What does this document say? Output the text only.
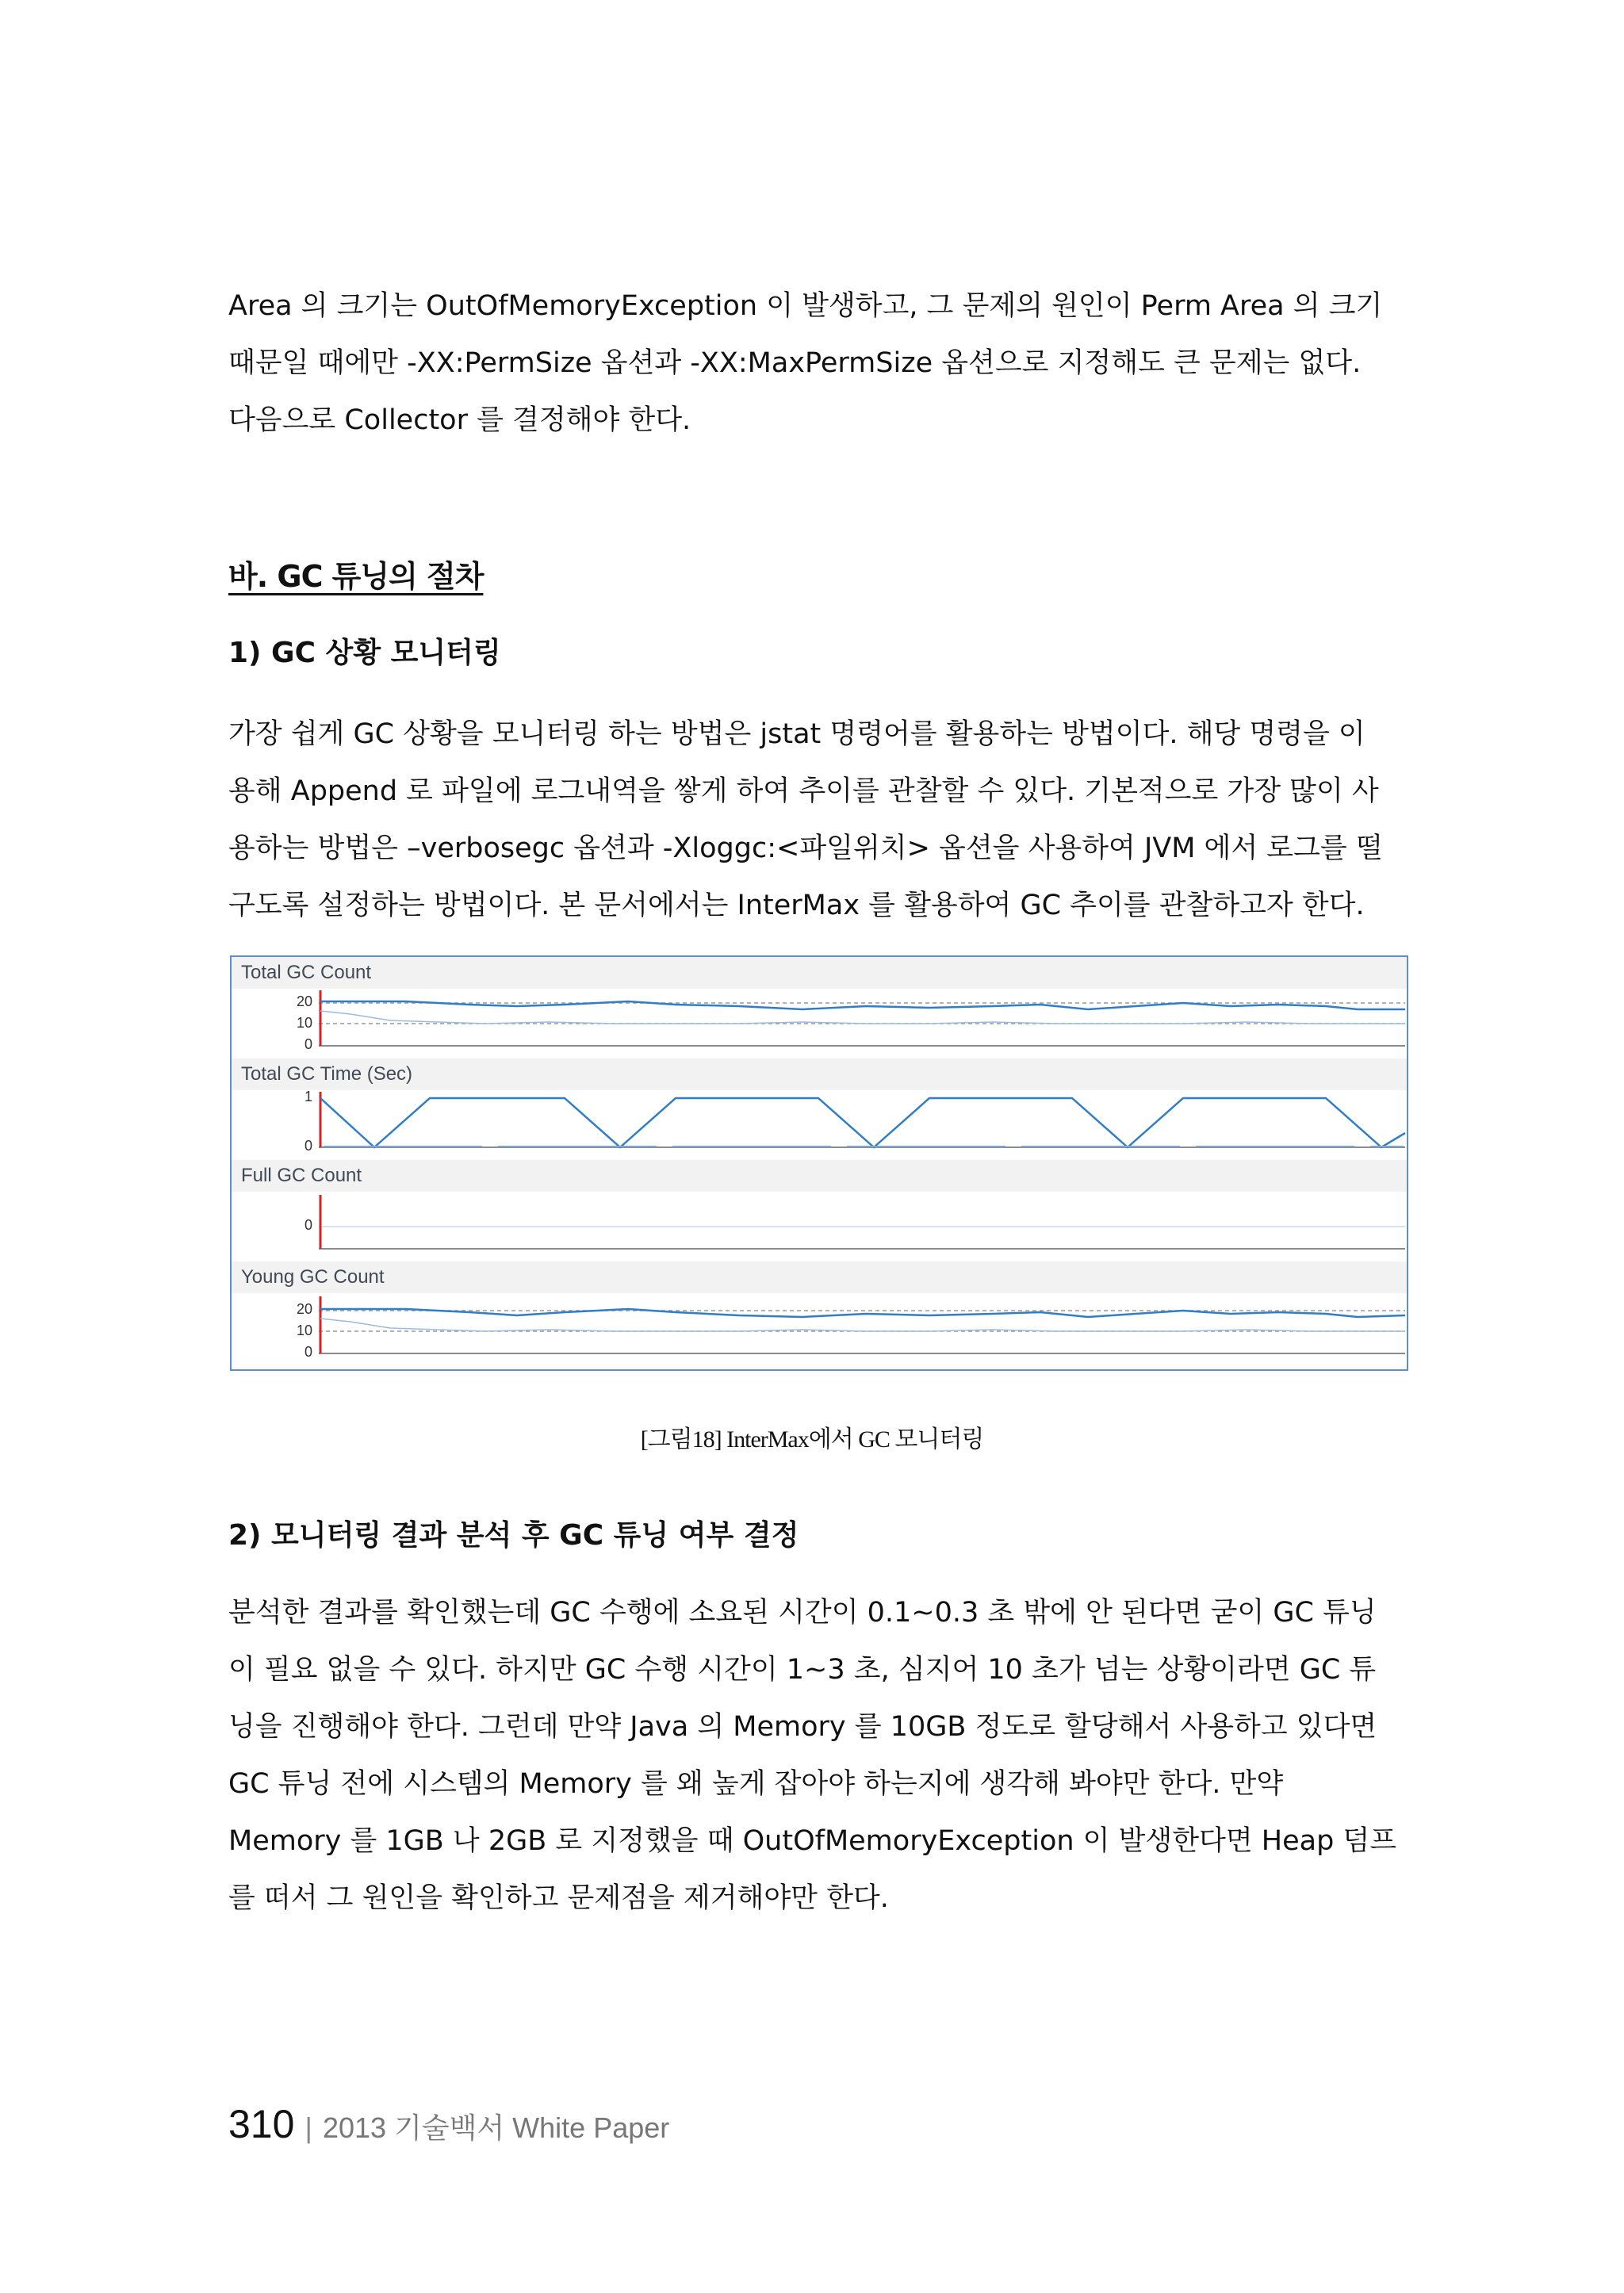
Area 의 크기는 OutOfMemoryException 이 발생하고, 그 문제의 원인이 Perm Area 의 크기
때문일 때에만 -XX:PermSize 옵션과 -XX:MaxPermSize 옵션으로 지정해도 큰 문제는 없다.
다음으로 Collector 를 결정해야 한다.
바. GC 튜닝의 절차
1) GC 상황 모니터링
가장 쉽게 GC 상황을 모니터링 하는 방법은 jstat 명령어를 활용하는 방법이다. 해당 명령을 이
용해 Append 로 파일에 로그내역을 쌓게 하여 추이를 관찰할 수 있다. 기본적으로 가장 많이 사
용하는 방법은 –verbosegc 옵션과 -Xloggc:<파일위치> 옵션을 사용하여 JVM 에서 로그를 떨
구도록 설정하는 방법이다. 본 문서에서는 InterMax 를 활용하여 GC 추이를 관찰하고자 한다.
Total GC Count
Total GC Time (Sec)
Full GC Count
Young GC Count
20
10
0
1
0
0
20
10
0
[그림18] InterMax에서 GC 모니터링
2) 모니터링 결과 분석 후 GC 튜닝 여부 결정
분석한 결과를 확인했는데 GC 수행에 소요된 시간이 0.1~0.3 초 밖에 안 된다면 굳이 GC 튜닝
이 필요 없을 수 있다. 하지만 GC 수행 시간이 1~3 초, 심지어 10 초가 넘는 상황이라면 GC 튜
닝을 진행해야 한다. 그런데 만약 Java 의 Memory 를 10GB 정도로 할당해서 사용하고 있다면
GC 튜닝 전에 시스템의 Memory 를 왜 높게 잡아야 하는지에 생각해 봐야만 한다. 만약
Memory 를 1GB 나 2GB 로 지정했을 때 OutOfMemoryException 이 발생한다면 Heap 덤프
를 떠서 그 원인을 확인하고 문제점을 제거해야만 한다.
310 | 2013 기술백서 White Paper
